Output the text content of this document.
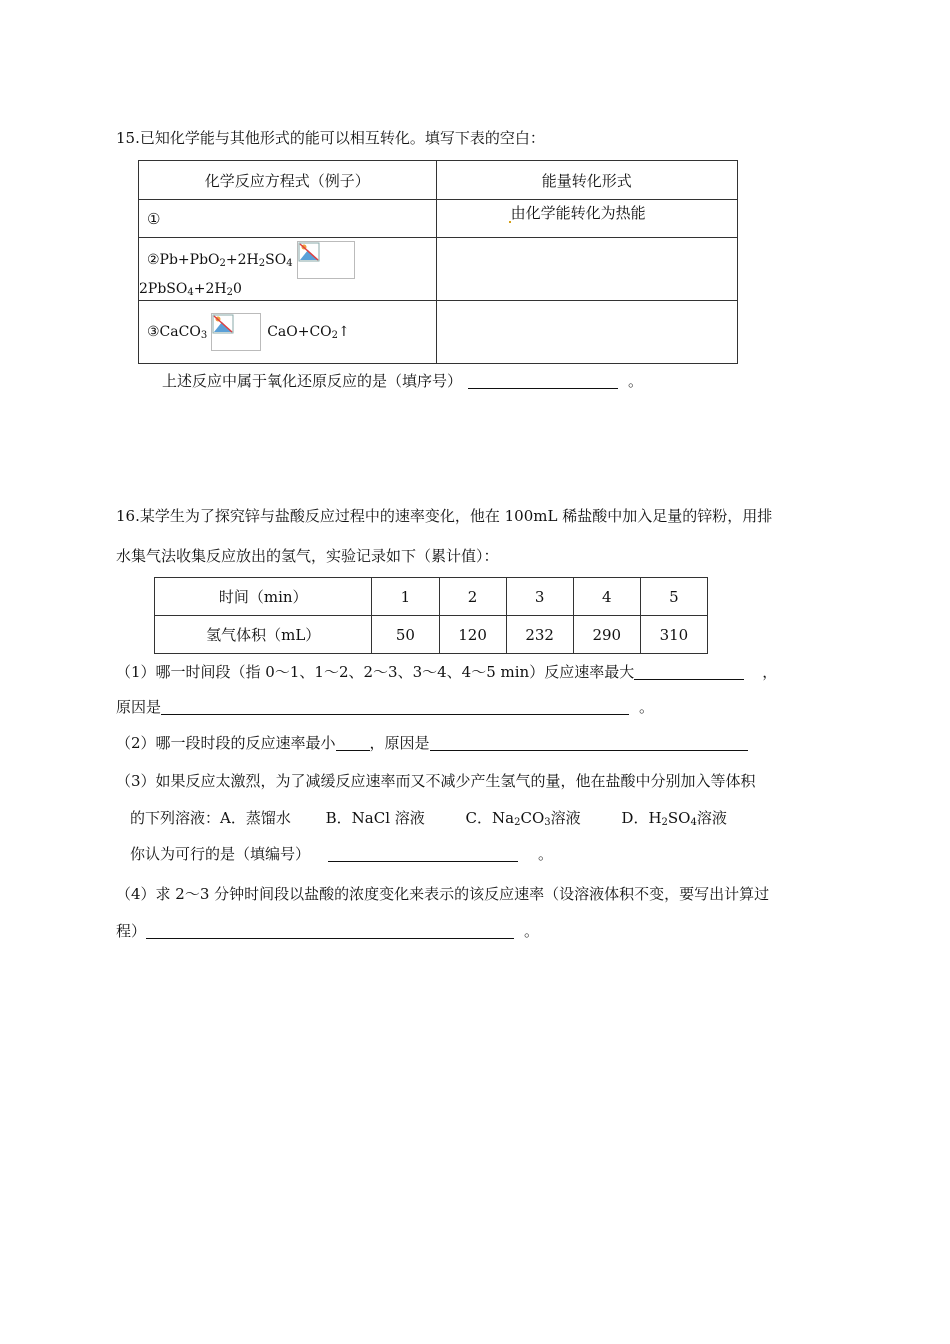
15.已知化学能与其他形式的能可以相互转化。填写下表的空白：
化学反应方程式（例子）	能量转化形式
①	由化学能转化为热能
$②Pb+PbO_2+2H_2SO_4$
$2PbSO_4+2H_20$	
③CaCO$_3$ $CaO+CO_2↑$	
上述反应中属于氧化还原反应的是（填序号）	。
16.某学生为了探究锌与盐酸反应过程中的速率变化，他在 100mL 稀盐酸中加入足量的锌粉，用排
水集气法收集反应放出的氢气，实验记录如下（累计值）：
时间（min）	1	2	3	4	5
氢气体积（mL）	50	120	232	290	310
（1）哪一时间段（指 0～1、1～2、2～3、3～4、4～5 min）反应速率最大	，
原因是	。
（2）哪一段时段的反应速率最小 ，原因是
（3）如果反应太激烈，为了减缓反应速率而又不减少产生氢气的量，他在盐酸中分别加入等体积
的下列溶液：A．蒸馏水 B．NaCl 溶液	C．$Na_2CO_3$溶液	D．$H_2SO_4$溶液
你认为可行的是（填编号）	。
（4）求 2～3 分钟时间段以盐酸的浓度变化来表示的该反应速率（设溶液体积不变，要写出计算过
程）	。
